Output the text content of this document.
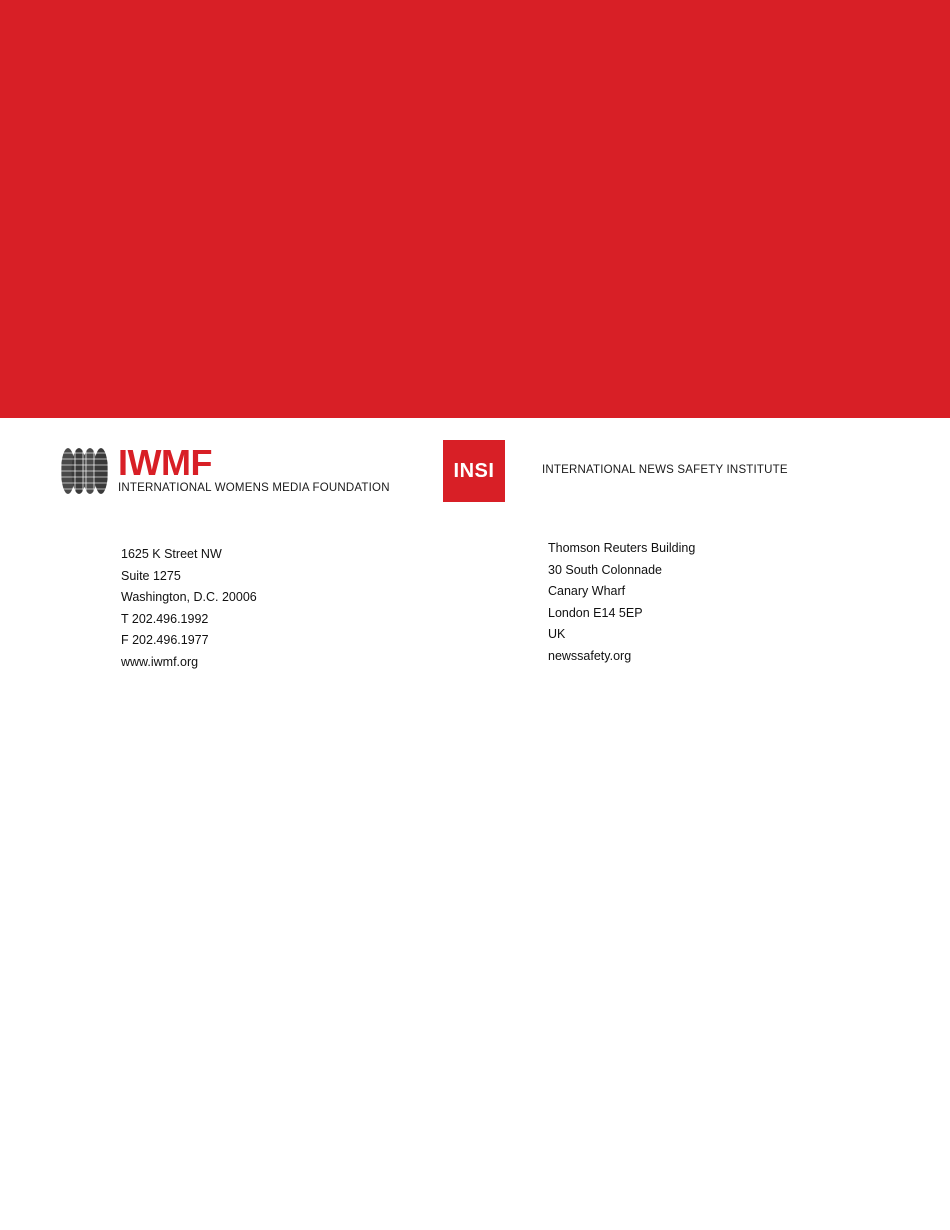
IWMF
INTERNATIONAL WOMENS MEDIA FOUNDATION
INSI	INTERNATIONAL NEWS SAFETY INSTITUTE
1625 K Street NW
Suite 1275
Washington, D.C. 20006
T 202.496.1992
F 202.496.1977
www.iwmf.org
Thomson Reuters Building
30 South Colonnade
Canary Wharf
London E14 5EP
UK
newssafety.org
